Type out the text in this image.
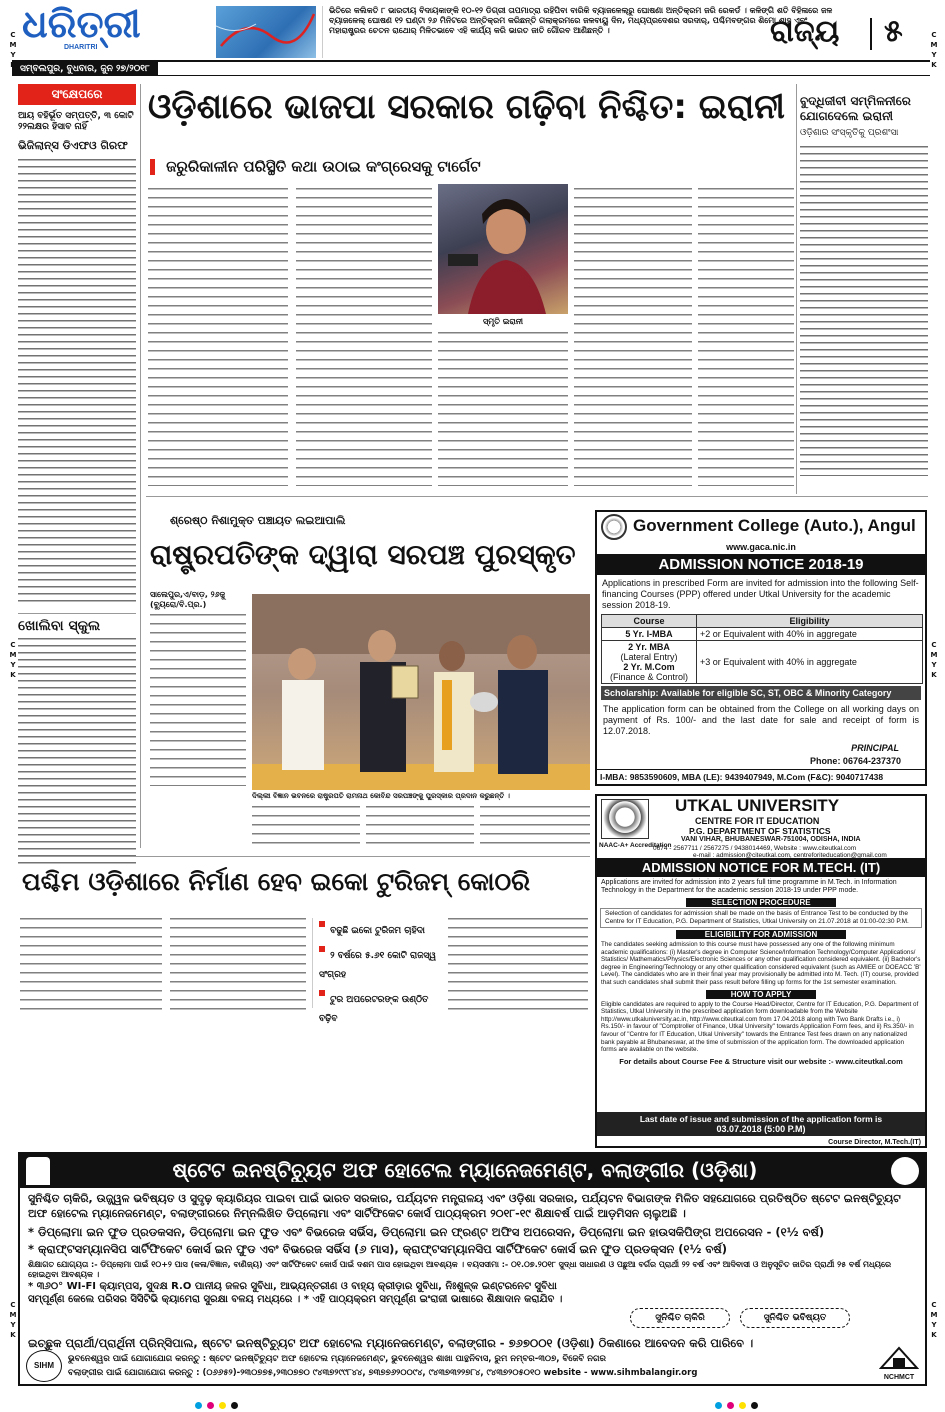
C
M
Y

C
M
Y
K
C
M
Y
K
C
M
Y
K
C
M
Y
K
C
M
Y
K

ଧରିତ୍ରୀ
DHARITRI
ଭିତିରେ କଲିକତି ୮ ଭାରତୀୟ ବିଦାୟକାଙ୍କି ୧୦-୧୨ ଡିଗ୍ରୀ ତାପମାତ୍ରା ରହିପିବା ବାରିକି ବ୍ୟାଜଳେଲ୍‌ରୁ ଘୋଷଣା ଅନ୍ତିକ୍ରମ ଜରି ରେକର୍ଡ । କଳିଙ୍ଗି ଶତି ବିହିଳାରେ ଜଳ ବ୍ୟାଜଳେଲ୍‌ ଘୋଷଣ ୧୨ ଘଣ୍ଟା ୨୬ ମିନିଟରେ ଅନ୍ତିକ୍ରମ କରିଛନ୍ତି ଗଲାକ୍ରମରେ ଜଳବାୟୁ ଦିନ, ମଧ୍ୟପ୍ରଦେଶର ସରଦାର୍‌, ପଶ୍ଚିମବଙ୍ଗର ଶିମୋ ଶାହ ଏବଂ ମହାରାଷ୍ଟ୍ରର ଚେତନ ରାଥୋର୍‌ ମିଳିତଭାବେ ଏହି କାର୍ଯ୍ୟ କରି ଭାରତ ଜାତି ଗୌରବ ଆଣିଛନ୍ତି ।	ରାଜ୍ୟ ୫
ସମ୍ବଲପୁର, ବୁଧବାର, ଜୁନ ୨୭/୨୦୧୮
ସଂକ୍ଷେପରେ
ଆୟ ବହିର୍ଭୂତ ସମ୍ପତ୍ତି, ୩ କୋଟି ୨୨ଲକ୍ଷର ହିସାବ ନାହିଁ
ଭିଜିଲାନ୍ସ ଡିଏଫଓ ଗିରଫ
ଖୋଲିବା ସ୍କୁଲ
ଓଡ଼ିଶାରେ ଭାଜପା ସରକାର ଗଢ଼ିବା ନିଶ୍ଚିତ: ଇରାନୀ
ଜରୁରିକାଳୀନ ପରିସ୍ଥିତି କଥା ଉଠାଇ କଂଗ୍ରେସକୁ ଟାର୍ଗେଟ
ସ୍ମୃତି ଇରାନୀ
ବୁଦ୍ଧିଜୀବୀ ସମ୍ମିଳନୀରେ ଯୋଗଦେଲେ ଇରାନୀ
ଓଡ଼ିଶାର ସଂସ୍କୃତିକୁ ପ୍ରଶଂସା
ଶ୍ରେଷ୍ଠ ନିଶାମୁକ୍ତ ପଞ୍ଚାୟତ ଲଇଆପାଲି
ରାଷ୍ଟ୍ରପତିଙ୍କ ଦ୍ୱାରା ସରପଞ୍ଚ ପୁରସ୍କୃତ
ସାଲେପୁର,ଏ/ବାଡ଼, ୨୬ଜୁ (ବ୍ୟୁରୋ/ବି.ପ୍ର.)
ଦିଲ୍ଲୀ ବିଜ୍ଞାନ ଭବନରେ ରାଷ୍ଟ୍ରପତି ରାମନାଥ କୋବିନ୍ଦ ସରପଞ୍ଚଙ୍କୁ ପୁରସ୍କାର ପ୍ରଦାନ କରୁଛନ୍ତି ।
ପଶ୍ଚିମ ଓଡ଼ିଶାରେ ନିର୍ମାଣ ହେବ ଇକୋ ଟୁରିଜମ୍ କୋଠରି
ବଢୁଛି ଇକୋ ଟୁରିଜମ ଚାହିଦା
୨ ବର୍ଷରେ ୫.୬୧ କୋଟି ରାଜସ୍ୱ ସଂଗ୍ରହ
ଟୁର ଅପରେଟରଙ୍କ ଉଣ୍ଠିତ ବଢ଼ିବ
Government College (Auto.), Angul
www.gaca.nic.in
ADMISSION NOTICE 2018-19
Applications in prescribed Form are invited for admission into the following Self-financing Courses (PPP) offered under Utkal University for the academic session 2018-19.
Course	Eligibility
5 Yr. I-MBA	+2 or Equivalent with 40% in aggregate

2 Yr. MBA
(Lateral Entry)
2 Yr. M.Com
(Finance & Control)	+3 or Equivalent with 40% in aggregate
Scholarship: Available for eligible SC, ST, OBC & Minority Category
The application form can be obtained from the College on all working days on payment of Rs. 100/- and the last date for sale and receipt of form is 12.07.2018.
PRINCIPAL
Phone: 06764-237370
I-MBA: 9853590609, MBA (LE): 9439407949, M.Com (F&C): 9040717438
UTKAL UNIVERSITY
CENTRE FOR IT EDUCATION
P.G. DEPARTMENT OF STATISTICS
VANI VIHAR, BHUBANESWAR-751004, ODISHA, INDIA
0674 - 2567711 / 2567275 / 9438014469, Website : www.citeutkal.com
e-mail : admission@citeutkal.com, centreforiteducation@gmail.com
NAAC-A+ Accreditation
ADMISSION NOTICE FOR M.TECH. (IT)
Applications are invited for admission into 2 years full time programme in M.Tech. in Information Technology in the Department for the academic session 2018-19 under PPP mode.
SELECTION PROCEDURE
Selection of candidates for admission shall be made on the basis of Entrance Test to be conducted by the Centre for IT Education, P.G. Department of Statistics, Utkal University on 21.07.2018 at 01:00-02:30 P.M.
ELIGIBILITY FOR ADMISSION
The candidates seeking admission to this course must have possessed any one of the following minimum academic qualifications: (i) Master's degree in Computer Science/Information Technology/Computer Applications/ Statistics/ Mathematics/Physics/Electronic Sciences or any other qualification considered equivalent. (ii) Bachelor's degree in Engineering/Technology or any other qualification considered equivalent (such as AMIEE or DOEACC 'B' Level). The candidates who are in their final year may provisionally be admitted into M. Tech. (IT) course, provided that such candidates shall submit their pass result before filling up forms for the 1st semester examination.
HOW TO APPLY
Eligible candidates are required to apply to the Course Head/Director, Centre for IT Education, P.G. Department of Statistics, Utkal University in the prescribed application form downloadable from the Website http://www.utkaluniversity.ac.in, http://www.citeutkal.com from 17.04.2018 along with Two Bank Drafts i.e., i) Rs.150/- in favour of "Comptroller of Finance, Utkal University" towards Application Form fees, and ii) Rs.350/- in favour of "Centre for IT Education, Utkal University" towards the Entrance Test fees drawn on any nationalized bank payable at Bhubaneswar, at the time of submission of the application form. The downloaded application forms are available on the website.
For details about Course Fee & Structure visit our website :- www.citeutkal.com
Last date of issue and submission of the application form is
03.07.2018 (5:00 P.M)
Course Director, M.Tech.(IT)
ଷ୍ଟେଟ ଇନଷ୍ଟିଚ୍ୟୁଟ ଅଫ ହୋଟେଲ ମ୍ୟାନେଜମେଣ୍ଟ, ବଲାଙ୍ଗୀର (ଓଡ଼ିଶା)
ସୁନିଶ୍ଚିତ ଚାକିରି, ଉଜ୍ଜ୍ୱଳ ଭବିଷ୍ୟତ ଓ ସୁଦୃଢ଼ କ୍ୟାରିୟର ପାଇବା ପାଇଁ ଭାରତ ସରକାର, ପର୍ଯ୍ୟଟନ ମନ୍ତ୍ରାଳୟ ଏବଂ ଓଡ଼ିଶା ସରକାର, ପର୍ଯ୍ୟଟନ ବିଭାଗଙ୍କ ମିଳିତ ସହଯୋଗରେ ପ୍ରତିଷ୍ଠିତ ଷ୍ଟେଟ ଇନଷ୍ଟିଚ୍ୟୁଟ ଅଫ ହୋଟେଲ ମ୍ୟାନେଜମେଣ୍ଟ, ବଲାଙ୍ଗୀରରେ ନିମ୍ନଲିଖିତ ଡିପ୍ଲୋମା ଏବଂ ସାର୍ଟିଫିକେଟ କୋର୍ସ ପାଠ୍ୟକ୍ରମ ୨୦୧୮-୧୯ ଶିକ୍ଷାବର୍ଷ ପାଇଁ ଆଡ଼ମିସନ ଚାଲୁଅଛି ।
* ଡିପ୍ଲୋମା ଇନ ଫୁଡ ପ୍ରଡକସନ, ଡିପ୍ଲୋମା ଇନ ଫୁଡ ଏବଂ ବିଭରେଜ ସର୍ଭିସ, ଡିପ୍ଲୋମା ଇନ ଫ୍ରଣ୍ଟ ଅଫିସ ଅପରେସନ, ଡିପ୍ଲୋମା ଇନ ହାଉସକିପିଙ୍ଗ ଅପରେସନ - (୧½ ବର୍ଷ)
* କ୍ରାଫ୍ଟସମ୍ୟାନସିପ ସାର୍ଟିଫିକେଟ କୋର୍ସ ଇନ ଫୁଡ ଏବଂ ବିଭରେଜ ସର୍ଭିସ (୬ ମାସ), କ୍ରାଫ୍ଟସମ୍ୟାନସିପ ସାର୍ଟିଫିକେଟ କୋର୍ସ ଇନ ଫୁଡ ପ୍ରଡକ୍ସନ (୧½ ବର୍ଷ)
ଶିକ୍ଷାଗତ ଯୋଗ୍ୟତା :- ଡିପ୍ଲୋମା ପାଇଁ ୧୦+୨ ପାସ (କଳା/ବିଜ୍ଞାନ, ବାଣିଜ୍ୟ) ଏବଂ ସାର୍ଟିଫିକେଟ କୋର୍ସ ପାଇଁ ଦଶମ ପାସ ହୋଇଥିବା ଆବଶ୍ୟକ । ବୟସସୀମା :- ୦୧.୦୭.୨୦୧୮ ସୁଦ୍ଧା ସାଧାରଣ ଓ ପଛୁଆ ବର୍ଗର ପ୍ରାର୍ଥୀ ୨୨ ବର୍ଷ ଏବଂ ଆଦିବାସୀ ଓ ଅନୁସୂଚିତ ଜାତିର ପ୍ରାର୍ଥୀ ୨୫ ବର୍ଷ ମଧ୍ୟରେ ହୋଇଥିବା ଆବଶ୍ୟକ ।
* ୩୬୦° WI-FI କ୍ୟାମ୍ପସ, ସୁଦକ୍ଷ R.O ପାନୀୟ ଜଳର ସୁବିଧା, ଆଭ୍ୟନ୍ତରୀଣ ଓ ବାହ୍ୟ କ୍ରୀଡ଼ାର ସୁବିଧା, ନିଃଶୁଳ୍କ ଇଣ୍ଟରନେଟ ସୁବିଧା
ସମ୍ପୂର୍ଣ୍ଣ କେଲେ ପରିସର ସିସିଟିଭି କ୍ୟାମେରା ସୁରକ୍ଷା ବଳୟ ମଧ୍ୟରେ । * ଏହି ପାଠ୍ୟକ୍ରମ ସମ୍ପୂର୍ଣ୍ଣ ଇଂରାଜୀ ଭାଷାରେ ଶିକ୍ଷାଦାନ କରାଯିବ ।
ସୁନିଶ୍ଚିତ ଚାକିରି	ସୁନିଶ୍ଚିତ ଭବିଷ୍ୟତ
ଇଚ୍ଛୁକ ପ୍ରାର୍ଥୀ/ପ୍ରାର୍ଥିନୀ ପ୍ରିନ୍ସିପାଲ, ଷ୍ଟେଟ ଇନଷ୍ଟିଚ୍ୟୁଟ ଅଫ ହୋଟେଲ ମ୍ୟାନେଜମେଣ୍ଟ, ବଲାଙ୍ଗୀର - ୭୬୭୦୦୧ (ଓଡ଼ିଶା) ଠିକଣାରେ ଆବେଦନ କରି ପାରିବେ ।
ଭୁବନେଶ୍ୱର ପାଇଁ ଯୋଗାଯୋଗ କରନ୍ତୁ : ଷ୍ଟେଟ ଇନଷ୍ଟିଚ୍ୟୁଟ ଅଫ ହୋଟେଲ ମ୍ୟାନେଜମେଣ୍ଟ, ଭୁବନେଶ୍ୱର ଶାଖା ପାନ୍ଥନିବାସ, ରୁମ ନମ୍ବର-୩୦୭, ବିଜେବି ନଗର
ବଲାଙ୍ଗୀର ପାଇଁ ଯୋଗାଯୋଗ କରନ୍ତୁ : (୦୬୬୫୨)-୨୩୦୭୭୫,୨୩୦୭୭୦ ୯୪୩୭୨୯୯୮୪୪, ୭୩୭୭୬୨୦୦୯୪, ୯୪୩୭୩୨୨୭୮୪, ୯୪୩୭୨୦୫୦୧୦ website - www.sihmbalangir.org
SIHM
NCHMCT
